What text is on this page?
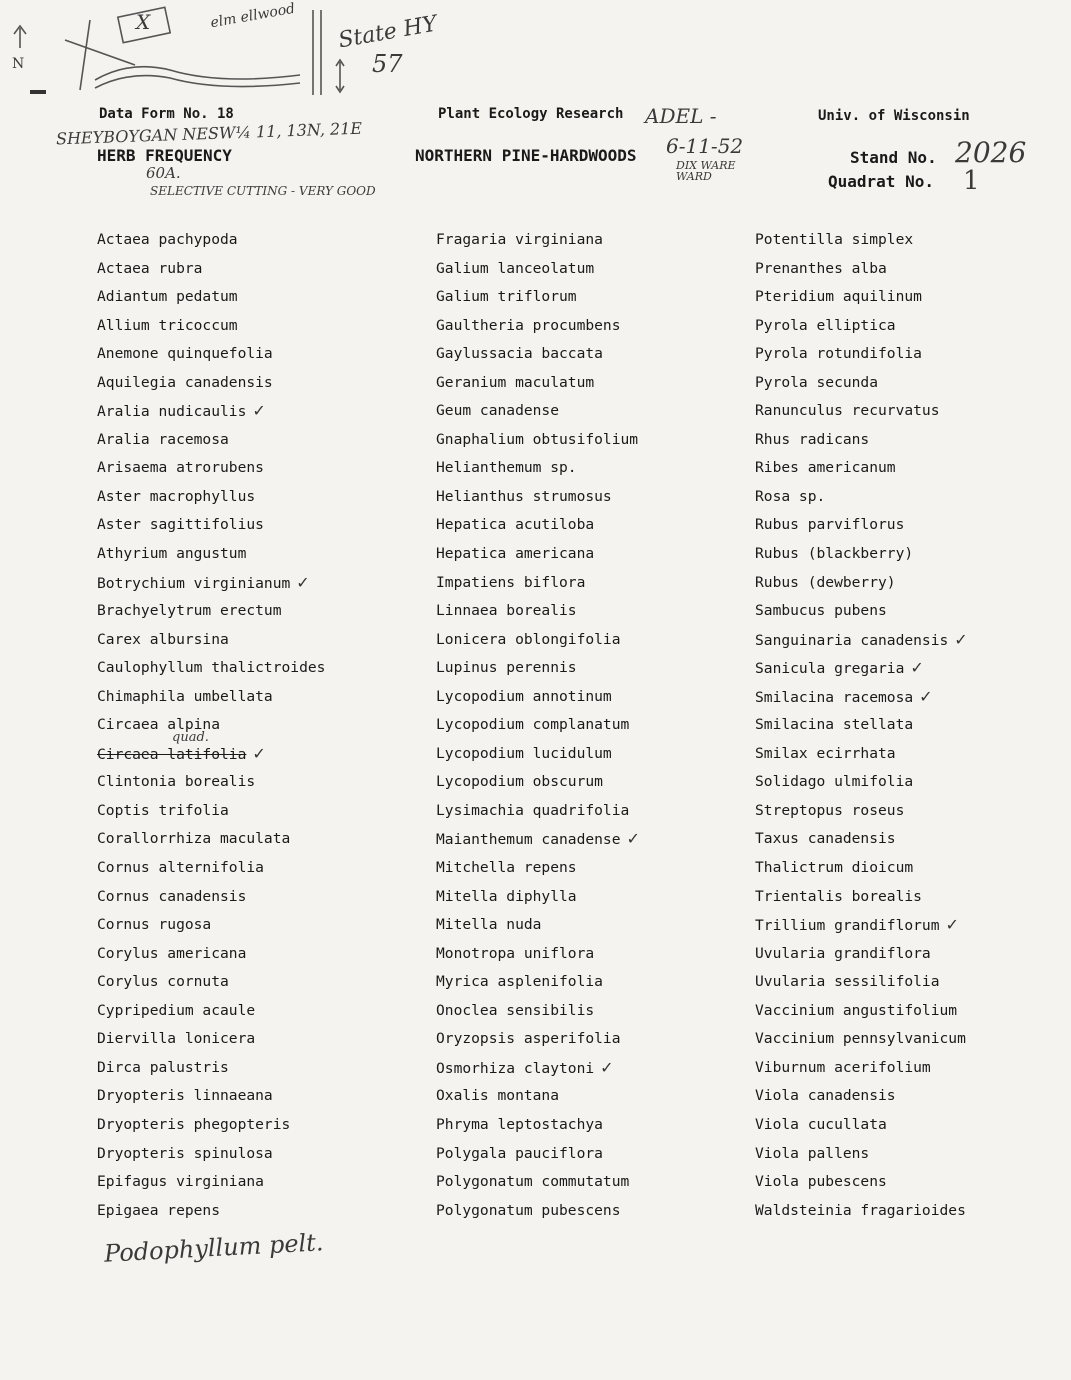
N
X	elm ellwood State HY
57
Data Form No. 18	Plant Ecology Research	Univ. of Wisconsin
HERB FREQUENCY	NORTHERN PINE-HARDWOODS	Stand No.
Quadrat No.
SHEYBOYGAN NESW¼ 11, 13N, 21E
60A.
SELECTIVE CUTTING - VERY GOOD
ADEL -
6-11-52
DIX WARE WARD
2026
1
Actaea pachypoda
Actaea rubra
Adiantum pedatum
Allium tricoccum
Anemone quinquefolia
Aquilegia canadensis
Aralia nudicaulis ✓
Aralia racemosa
Arisaema atrorubens
Aster macrophyllus
Aster sagittifolius
Athyrium angustum
Botrychium virginianum ✓
Brachyelytrum erectum
Carex albursina
Caulophyllum thalictroides
Chimaphila umbellata
Circaea alpina
Circaea latifolia ✓
Clintonia borealis
Coptis trifolia
Corallorrhiza maculata
Cornus alternifolia
Cornus canadensis
Cornus rugosa
Corylus americana
Corylus cornuta
Cypripedium acaule
Diervilla lonicera
Dirca palustris
Dryopteris linnaeana
Dryopteris phegopteris
Dryopteris spinulosa
Epifagus virginiana
Epigaea repens
Fragaria virginiana
Galium lanceolatum
Galium triflorum
Gaultheria procumbens
Gaylussacia baccata
Geranium maculatum
Geum canadense
Gnaphalium obtusifolium
Helianthemum sp.
Helianthus strumosus
Hepatica acutiloba
Hepatica americana
Impatiens biflora
Linnaea borealis
Lonicera oblongifolia
Lupinus perennis
Lycopodium annotinum
Lycopodium complanatum
Lycopodium lucidulum
Lycopodium obscurum
Lysimachia quadrifolia
Maianthemum canadense ✓
Mitchella repens
Mitella diphylla
Mitella nuda
Monotropa uniflora
Myrica asplenifolia
Onoclea sensibilis
Oryzopsis asperifolia
Osmorhiza claytoni ✓
Oxalis montana
Phryma leptostachya
Polygala pauciflora
Polygonatum commutatum
Polygonatum pubescens
Potentilla simplex
Prenanthes alba
Pteridium aquilinum
Pyrola elliptica
Pyrola rotundifolia
Pyrola secunda
Ranunculus recurvatus
Rhus radicans
Ribes americanum
Rosa sp.
Rubus parviflorus
Rubus (blackberry)
Rubus (dewberry)
Sambucus pubens
Sanguinaria canadensis ✓
Sanicula gregaria ✓
Smilacina racemosa ✓
Smilacina stellata
Smilax ecirrhata
Solidago ulmifolia
Streptopus roseus
Taxus canadensis
Thalictrum dioicum
Trientalis borealis
Trillium grandiflorum ✓
Uvularia grandiflora
Uvularia sessilifolia
Vaccinium angustifolium
Vaccinium pennsylvanicum
Viburnum acerifolium
Viola canadensis
Viola cucullata
Viola pallens
Viola pubescens
Waldsteinia fragarioides
quad.
Podophyllum pelt.
